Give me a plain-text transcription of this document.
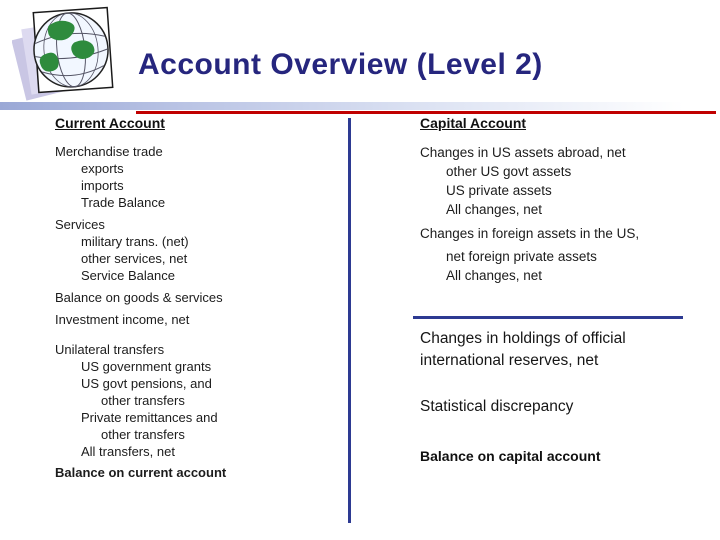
Account Overview (Level 2)
Current Account
Merchandise trade
exports
imports
Trade Balance
Services
military trans. (net)
other services, net
Service Balance
Balance on goods & services
Investment income, net
Unilateral transfers
US government grants
US govt pensions, and
other transfers
Private remittances and
other transfers
All transfers, net
Balance on current account
Capital Account
Changes in US assets abroad, net
other US govt assets
US private assets
All changes, net
Changes in foreign assets in the US,
net foreign private assets
All changes, net
Changes in holdings of official international reserves, net
Statistical discrepancy
Balance on capital account
